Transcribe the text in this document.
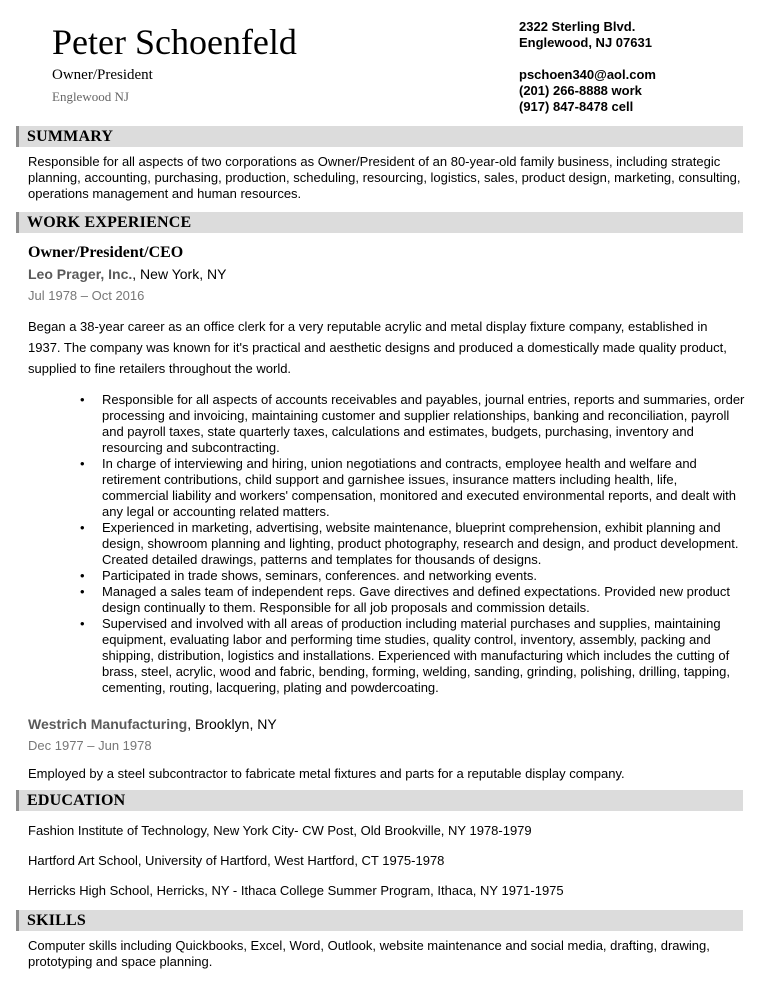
Peter Schoenfeld
Owner/President
Englewood NJ
2322 Sterling Blvd.
Englewood, NJ 07631
pschoen340@aol.com
(201) 266-8888 work
(917) 847-8478 cell
SUMMARY
Responsible for all aspects of two corporations as Owner/President of an 80-year-old family business, including strategic planning, accounting, purchasing, production, scheduling, resourcing, logistics, sales, product design, marketing, consulting, operations management and human resources.
WORK EXPERIENCE
Owner/President/CEO
Leo Prager, Inc., New York, NY
Jul 1978 – Oct 2016
Began a 38-year career as an office clerk for a very reputable acrylic and metal display fixture company, established in 1937. The company was known for it's practical and aesthetic designs and produced a domestically made quality product, supplied to fine retailers throughout the world.
• Responsible for all aspects of accounts receivables and payables, journal entries, reports and summaries, order processing and invoicing, maintaining customer and supplier relationships, banking and reconciliation, payroll and payroll taxes, state quarterly taxes, calculations and estimates, budgets, purchasing, inventory and resourcing and subcontracting.
• In charge of interviewing and hiring, union negotiations and contracts, employee health and welfare and retirement contributions, child support and garnishee issues, insurance matters including health, life, commercial liability and workers' compensation, monitored and executed environmental reports, and dealt with any legal or accounting related matters.
• Experienced in marketing, advertising, website maintenance, blueprint comprehension, exhibit planning and design, showroom planning and lighting, product photography, research and design, and product development. Created detailed drawings, patterns and templates for thousands of designs.
• Participated in trade shows, seminars, conferences. and networking events.
• Managed a sales team of independent reps. Gave directives and defined expectations. Provided new product design continually to them. Responsible for all job proposals and commission details.
• Supervised and involved with all areas of production including material purchases and supplies, maintaining equipment, evaluating labor and performing time studies, quality control, inventory, assembly, packing and shipping, distribution, logistics and installations. Experienced with manufacturing which includes the cutting of brass, steel, acrylic, wood and fabric, bending, forming, welding, sanding, grinding, polishing, drilling, tapping, cementing, routing, lacquering, plating and powdercoating.
Westrich Manufacturing, Brooklyn, NY
Dec 1977 – Jun 1978
Employed by a steel subcontractor to fabricate metal fixtures and parts for a reputable display company.
EDUCATION
Fashion Institute of Technology, New York City- CW Post, Old Brookville, NY 1978-1979
Hartford Art School, University of Hartford, West Hartford, CT 1975-1978
Herricks High School, Herricks, NY - Ithaca College Summer Program, Ithaca, NY 1971-1975
SKILLS
Computer skills including Quickbooks, Excel, Word, Outlook, website maintenance and social media, drafting, drawing, prototyping and space planning.
